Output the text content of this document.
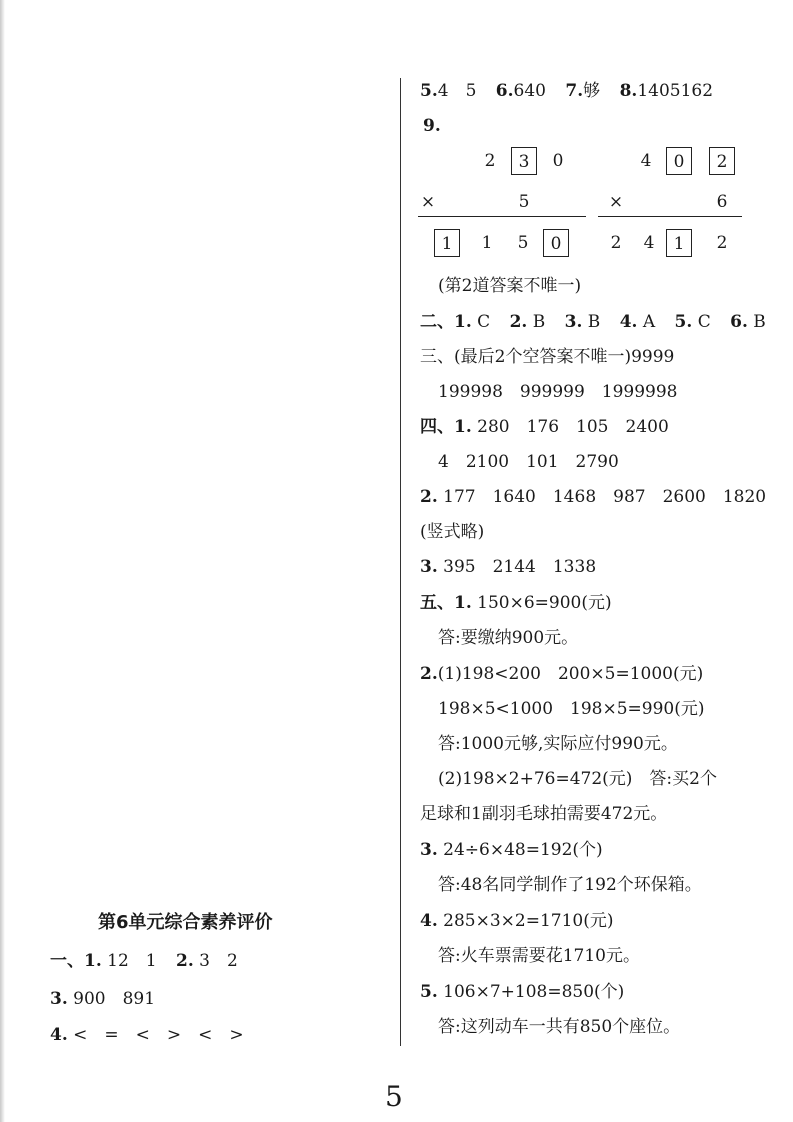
5.4　5 6.640 7.够 8.1405162
9.
2	3	0
×	5
1	1	5	0
4	0	2
×	6
2	4	1	2
(第2道答案不唯一)
二、1. C 2. B 3. B 4. A 5. C 6. B
三、(最后2个空答案不唯一)9999
199998　999999　1999998
四、1. 280　176　105　2400
4　2100　101　2790
2. 177　1640　1468　987　2600　1820
(竖式略)
3. 395　2144　1338
五、1. 150×6=900(元)
答:要缴纳900元。
2.(1)198<200　200×5=1000(元)
198×5<1000　198×5=990(元)
答:1000元够,实际应付990元。
(2)198×2+76=472(元)　答:买2个
足球和1副羽毛球拍需要472元。
3. 24÷6×48=192(个)
答:48名同学制作了192个环保箱。
4. 285×3×2=1710(元)
答:火车票需要花1710元。
5. 106×7+108=850(个)
答:这列动车一共有850个座位。
第6单元综合素养评价
一、1. 12　1 2. 3　2
3. 900　891
4. <　=　<　>　<　>
5
